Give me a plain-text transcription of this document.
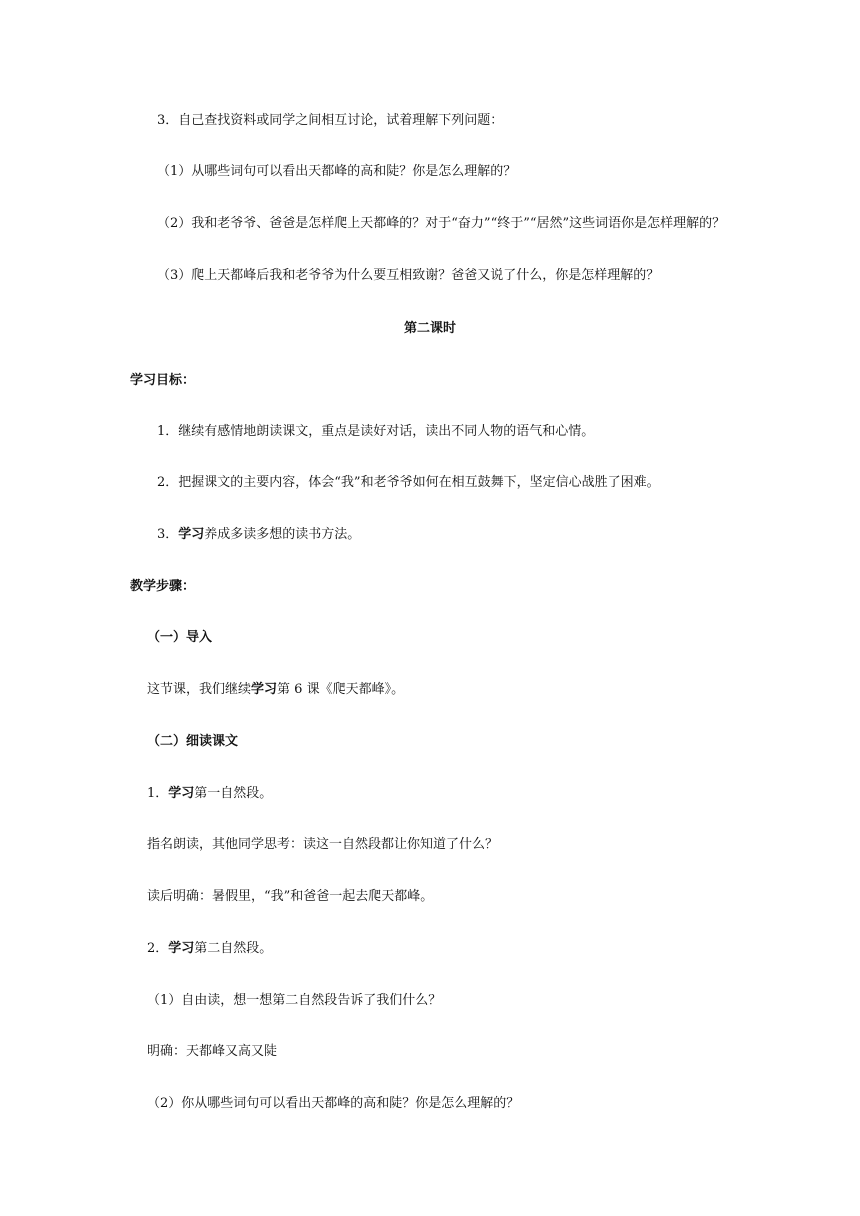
3．自己查找资料或同学之间相互讨论，试着理解下列问题：
（1）从哪些词句可以看出天都峰的高和陡？你是怎么理解的？
（2）我和老爷爷、爸爸是怎样爬上天都峰的？对于“奋力”“终于”“居然”这些词语你是怎样理解的？
（3）爬上天都峰后我和老爷爷为什么要互相致谢？爸爸又说了什么，你是怎样理解的？
第二课时
学习目标：
1．继续有感情地朗读课文，重点是读好对话，读出不同人物的语气和心情。
2．把握课文的主要内容，体会“我”和老爷爷如何在相互鼓舞下，坚定信心战胜了困难。
3．学习养成多读多想的读书方法。
教学步骤：
（一）导入
这节课，我们继续学习第 6 课《爬天都峰》。
（二）细读课文
1．学习第一自然段。
指名朗读，其他同学思考：读这一自然段都让你知道了什么？
读后明确：暑假里，“我”和爸爸一起去爬天都峰。
2．学习第二自然段。
（1）自由读，想一想第二自然段告诉了我们什么？
明确：天都峰又高又陡
（2）你从哪些词句可以看出天都峰的高和陡？你是怎么理解的？
